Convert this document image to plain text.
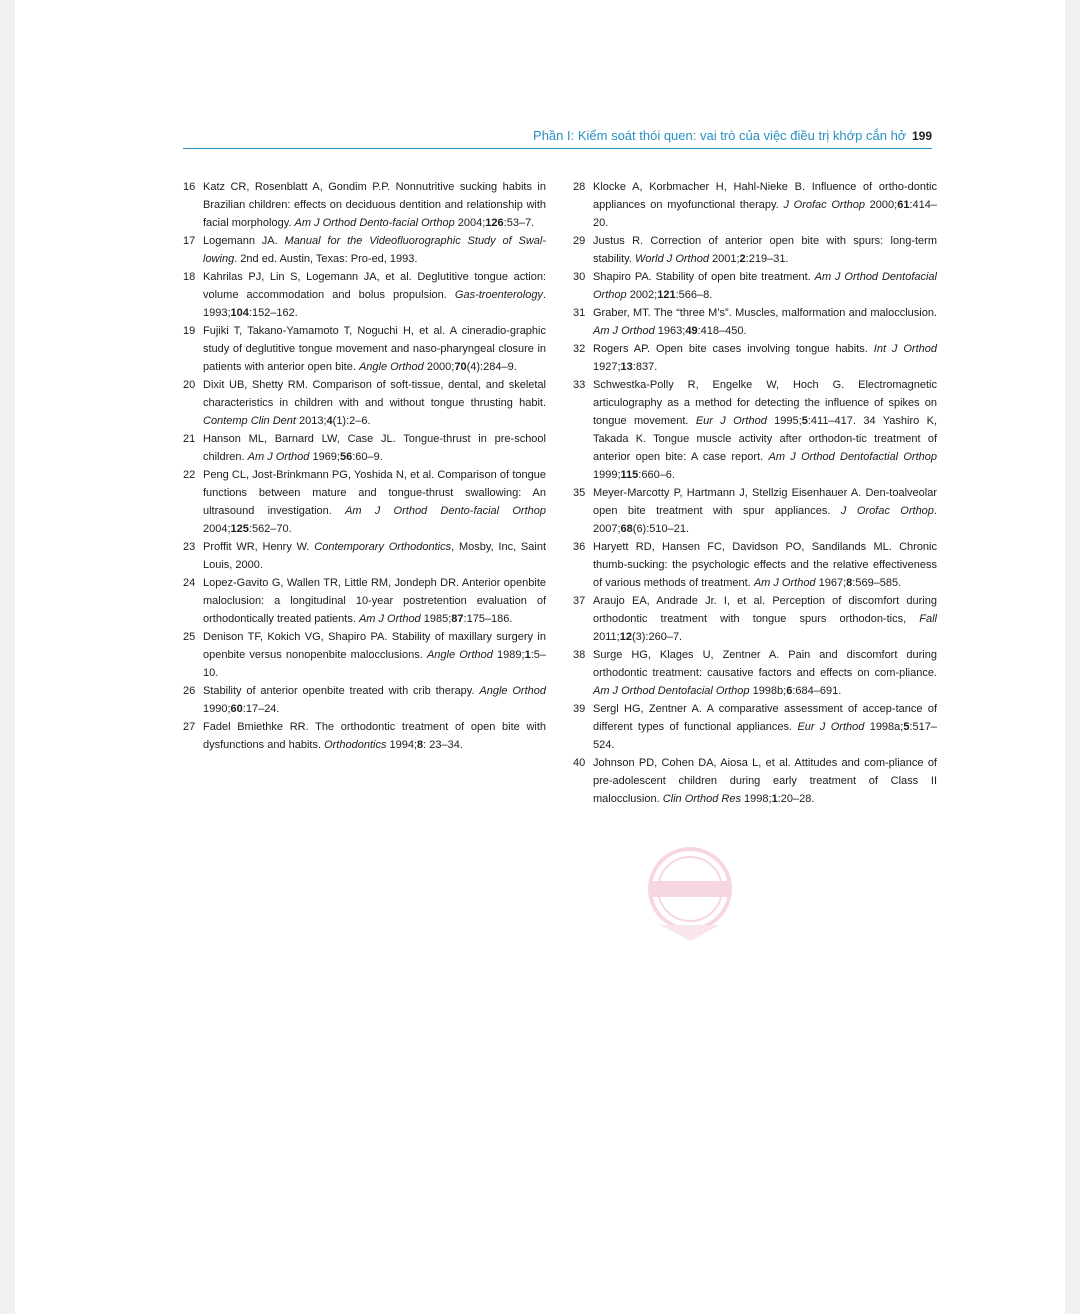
Phần I: Kiểm soát thói quen: vai trò của việc điều trị khớp cắn hở 199

16 Katz CR, Rosenblatt A, Gondim P.P. Nonnutritive sucking habits in Brazilian children: effects on deciduous dentition and relationship with facial morphology. Am J Orthod Dento-facial Orthop 2004;126:53–7.

17 Logemann JA. Manual for the Videofluorographic Study of Swal-lowing. 2nd ed. Austin, Texas: Pro-ed, 1993.

18 Kahrilas PJ, Lin S, Logemann JA, et al. Deglutitive tongue action: volume accommodation and bolus propulsion. Gas-troenterology. 1993;104:152–162.

19 Fujiki T, Takano-Yamamoto T, Noguchi H, et al. A cineradio-graphic study of deglutitive tongue movement and naso-pharyngeal closure in patients with anterior open bite. Angle Orthod 2000;70(4):284–9.

20 Dixit UB, Shetty RM. Comparison of soft-tissue, dental, and skeletal characteristics in children with and without tongue thrusting habit. Contemp Clin Dent 2013;4(1):2–6.

21 Hanson ML, Barnard LW, Case JL. Tongue-thrust in pre-school children. Am J Orthod 1969;56:60–9.

22 Peng CL, Jost-Brinkmann PG, Yoshida N, et al. Comparison of tongue functions between mature and tongue-thrust swallowing: An ultrasound investigation. Am J Orthod Dento-facial Orthop 2004;125:562–70.

23 Proffit WR, Henry W. Contemporary Orthodontics, Mosby, Inc, Saint Louis, 2000.

24 Lopez-Gavito G, Wallen TR, Little RM, Jondeph DR. Anterior openbite maloclusion: a longitudinal 10-year postretention evaluation of orthodontically treated patients. Am J Orthod 1985;87:175–186.

25 Denison TF, Kokich VG, Shapiro PA. Stability of maxillary surgery in openbite versus nonopenbite malocclusions. Angle Orthod 1989;1:5–10.

26 Stability of anterior openbite treated with crib therapy. Angle Orthod 1990;60:17–24.

27 Fadel Bmiethke RR. The orthodontic treatment of open bite with dysfunctions and habits. Orthodontics 1994;8: 23–34.

28 Klocke A, Korbmacher H, Hahl-Nieke B. Influence of ortho-dontic appliances on myofunctional therapy. J Orofac Orthop 2000;61:414–20.

29 Justus R. Correction of anterior open bite with spurs: long-term stability. World J Orthod 2001;2:219–31.

30 Shapiro PA. Stability of open bite treatment. Am J Orthod Dentofacial Orthop 2002;121:566–8.

31 Graber, MT. The “three M’s”. Muscles, malformation and malocclusion. Am J Orthod 1963;49:418–450.

32 Rogers AP. Open bite cases involving tongue habits. Int J Orthod 1927;13:837.

33 Schwestka-Polly R, Engelke W, Hoch G. Electromagnetic articulography as a method for detecting the influence of spikes on tongue movement. Eur J Orthod 1995;5:411–417. 34 Yashiro K, Takada K. Tongue muscle activity after orthodon-tic treatment of anterior open bite: A case report. Am J Orthod Dentofactial Orthop 1999;115:660–6.

35 Meyer-Marcotty P, Hartmann J, Stellzig Eisenhauer A. Den-toalveolar open bite treatment with spur appliances. J Orofac Orthop. 2007;68(6):510–21.

36 Haryett RD, Hansen FC, Davidson PO, Sandilands ML. Chronic thumb-sucking: the psychologic effects and the relative effectiveness of various methods of treatment. Am J Orthod 1967;8:569–585.

37 Araujo EA, Andrade Jr. I, et al. Perception of discomfort during orthodontic treatment with tongue spurs orthodon-tics, Fall 2011;12(3):260–7.

38 Surge HG, Klages U, Zentner A. Pain and discomfort during orthodontic treatment: causative factors and effects on com-pliance. Am J Orthod Dentofacial Orthop 1998b;6:684–691.

39 Sergl HG, Zentner A. A comparative assessment of accep-tance of different types of functional appliances. Eur J Orthod 1998a;5:517–524.

40 Johnson PD, Cohen DA, Aiosa L, et al. Attitudes and com-pliance of pre-adolescent children during early treatment of Class II malocclusion. Clin Orthod Res 1998;1:20–28.
